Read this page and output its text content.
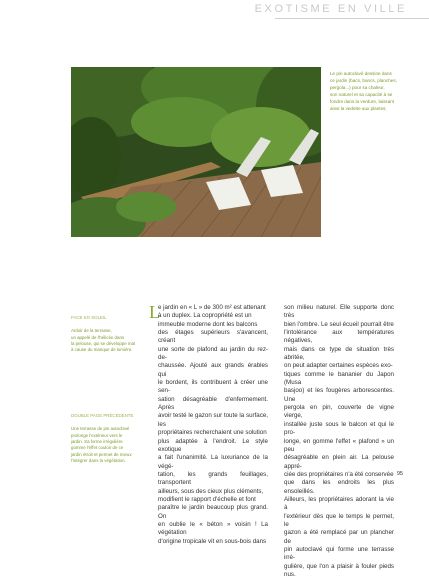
EXOTISME EN VILLE
Le pin autoclavé dessine dans
ce jardin (bacs, bancs, planches,
pergola...) pour sa chaleur,
son naturel et sa capacité à se
fondre dans la verdure, laissant
ainsi la vedette aux plantes.

FACE SO SOLEIL

Ardoir de la terrasse,
un appelé de l'hélicée dans
la pelouse, qui se développe mal
à cause du manque de lumière.

DOUBLE PAGE PRÉCÉDENTE

Une terrasse de pin autoclavé
prolonge l'extérieur vers le
jardin. Sa forme irrégulière
gomme l'effet couloir de ce
jardin étroit et permet de mieux
l'intégrer dans la végétation.

L
e jardin en « L » de 300 m² est attenant
à un duplex. La copropriété est un
immeuble moderne dont les balcons
des étages supérieurs s'avancent, créant
une sorte de plafond au jardin du rez-de-
chaussée. Ajouté aux grands érables qui
le bordent, ils contribuent à créer une sen-
sation désagréable d'enfermement. Après
avoir testé le gazon sur toute la surface, les
propriétaires recherchaient une solution
plus adaptée à l'endroit. Le style exotique
a fait l'unanimité. La luxuriance de la végé-
tation, les grands feuillages, transportent
ailleurs, sous des cieux plus cléments,
modifient le rapport d'échelle et font
paraître le jardin beaucoup plus grand. On
en oublie le « béton » voisin ! La végétation
d'origine tropicale vit en sous-bois dans
son milieu naturel. Elle supporte donc très
bien l'ombre. Le seul écueil pourrait être
l'intolérance aux températures négatives,
mais dans ce type de situation très abritée,
on peut adapter certaines espèces exo-
tiques comme le bananier du Japon (Musa
basjoo) et les fougères arborescentes. Une
pergola en pin, couverte de vigne vierge,
installée juste sous le balcon et qui le pro-
longe, en gomme l'effet « plafond » un peu
désagréable en plein air. La pelouse appré-
ciée des propriétaires n'a été conservée
que dans les endroits les plus ensoleillés.
Ailleurs, les propriétaires adorant la vie à
l'extérieur dès que le temps le permet, le
gazon a été remplacé par un plancher de
pin autoclavé qui forme une terrasse irré-
gulière, que l'on a plaisir à fouler pieds nus.
95
